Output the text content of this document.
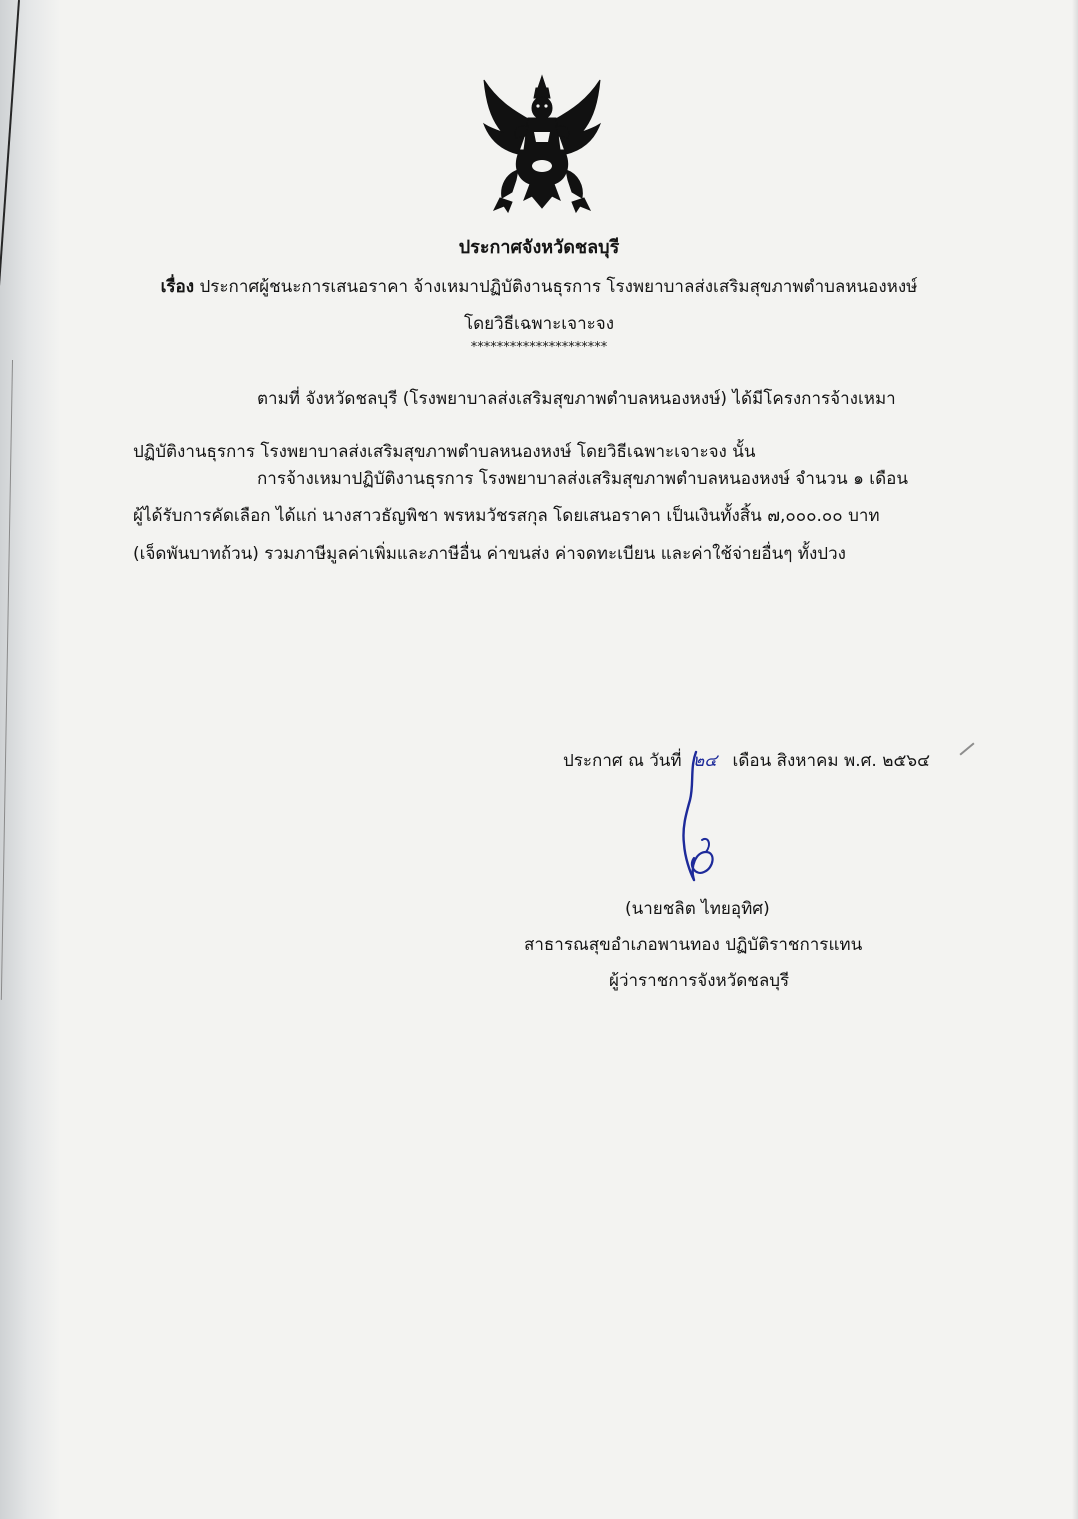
ประกาศจังหวัดชลบุรี
เรื่อง ประกาศผู้ชนะการเสนอราคา จ้างเหมาปฏิบัติงานธุรการ โรงพยาบาลส่งเสริมสุขภาพตำบลหนองหงษ์
โดยวิธีเฉพาะเจาะจง
*********************
ตามที่ จังหวัดชลบุรี (โรงพยาบาลส่งเสริมสุขภาพตำบลหนองหงษ์) ได้มีโครงการจ้างเหมา
ปฏิบัติงานธุรการ โรงพยาบาลส่งเสริมสุขภาพตำบลหนองหงษ์ โดยวิธีเฉพาะเจาะจง นั้น
การจ้างเหมาปฏิบัติงานธุรการ โรงพยาบาลส่งเสริมสุขภาพตำบลหนองหงษ์ จำนวน ๑ เดือน
ผู้ได้รับการคัดเลือก ได้แก่ นางสาวธัญพิชา พรหมวัชรสกุล โดยเสนอราคา เป็นเงินทั้งสิ้น ๗,๐๐๐.๐๐ บาท
(เจ็ดพันบาทถ้วน) รวมภาษีมูลค่าเพิ่มและภาษีอื่น ค่าขนส่ง ค่าจดทะเบียน และค่าใช้จ่ายอื่นๆ ทั้งปวง
ประกาศ ณ วันที่ ๒๔ เดือน สิงหาคม พ.ศ. ๒๕๖๔
(นายชลิต ไทยอุทิศ)
สาธารณสุขอำเภอพานทอง ปฏิบัติราชการแทน
ผู้ว่าราชการจังหวัดชลบุรี
